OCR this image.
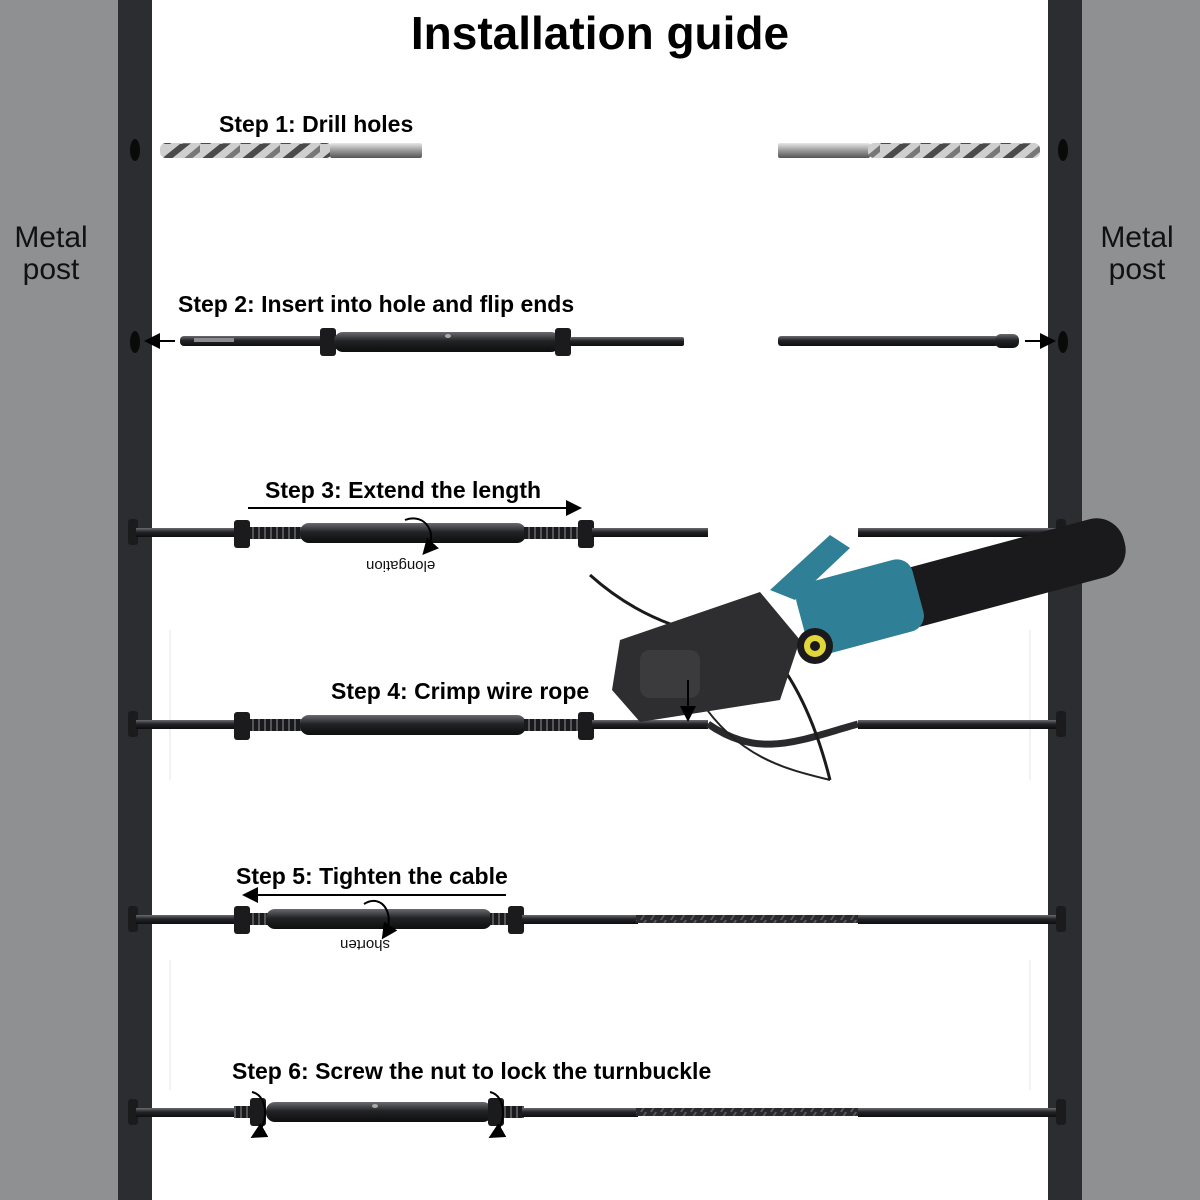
Metal post
Metal post
Installation guide
Step 1: Drill holes
Step 2: Insert into hole and flip ends
Step 3: Extend the length
elongation
Step 4: Crimp wire rope
Step 5: Tighten the cable
shorten
Step 6: Screw the nut to lock the turnbuckle
